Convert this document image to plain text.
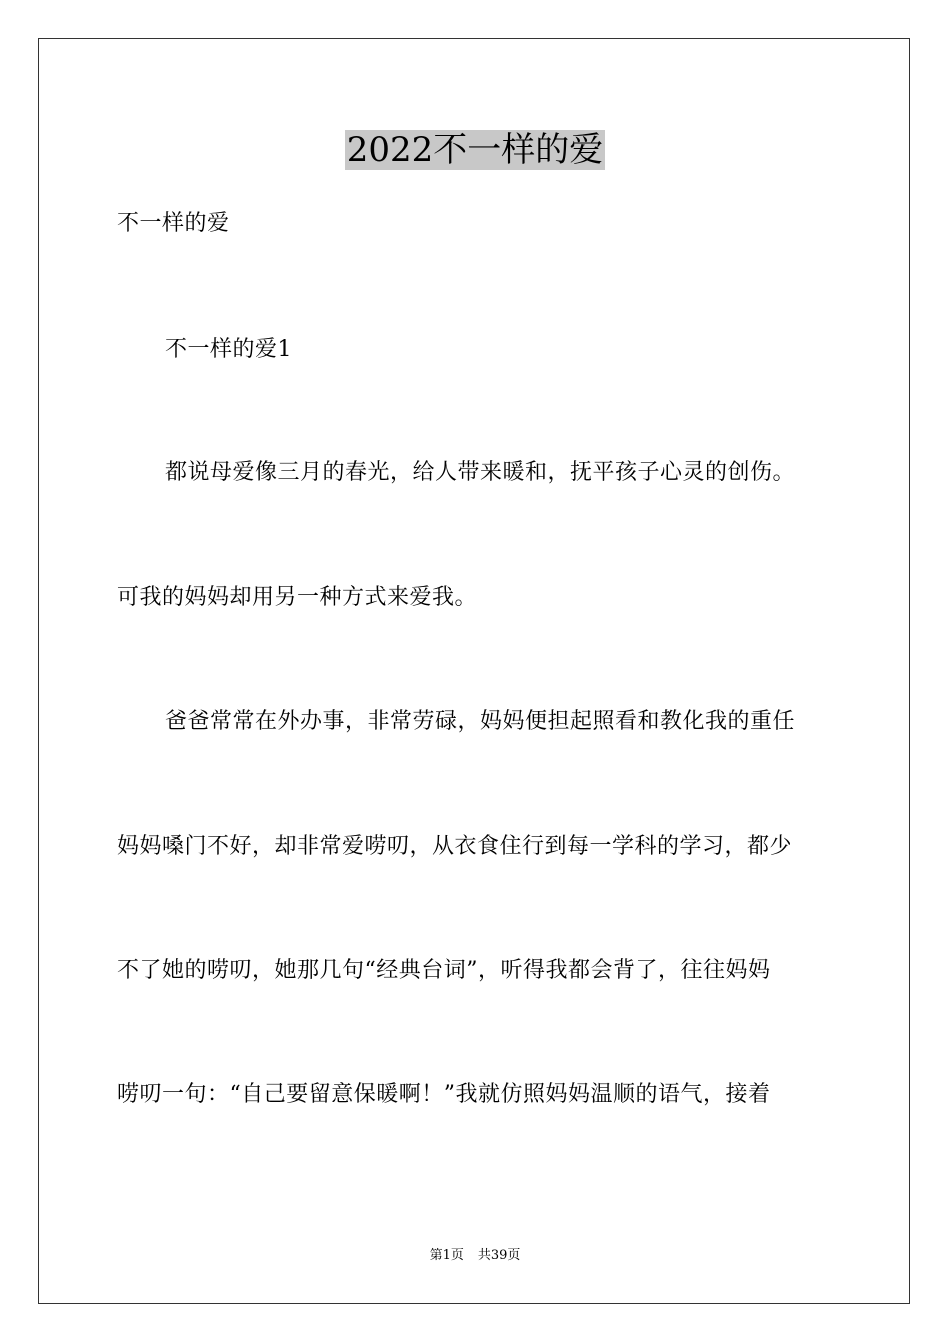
2022不一样的爱
不一样的爱
不一样的爱1
都说母爱像三月的春光，给人带来暖和，抚平孩子心灵的创伤。
可我的妈妈却用另一种方式来爱我。
爸爸常常在外办事，非常劳碌，妈妈便担起照看和教化我的重任
妈妈嗓门不好，却非常爱唠叨，从衣食住行到每一学科的学习，都少
不了她的唠叨，她那几句“经典台词”，听得我都会背了，往往妈妈
唠叨一句：“自己要留意保暖啊！”我就仿照妈妈温顺的语气，接着
第1页 共39页
